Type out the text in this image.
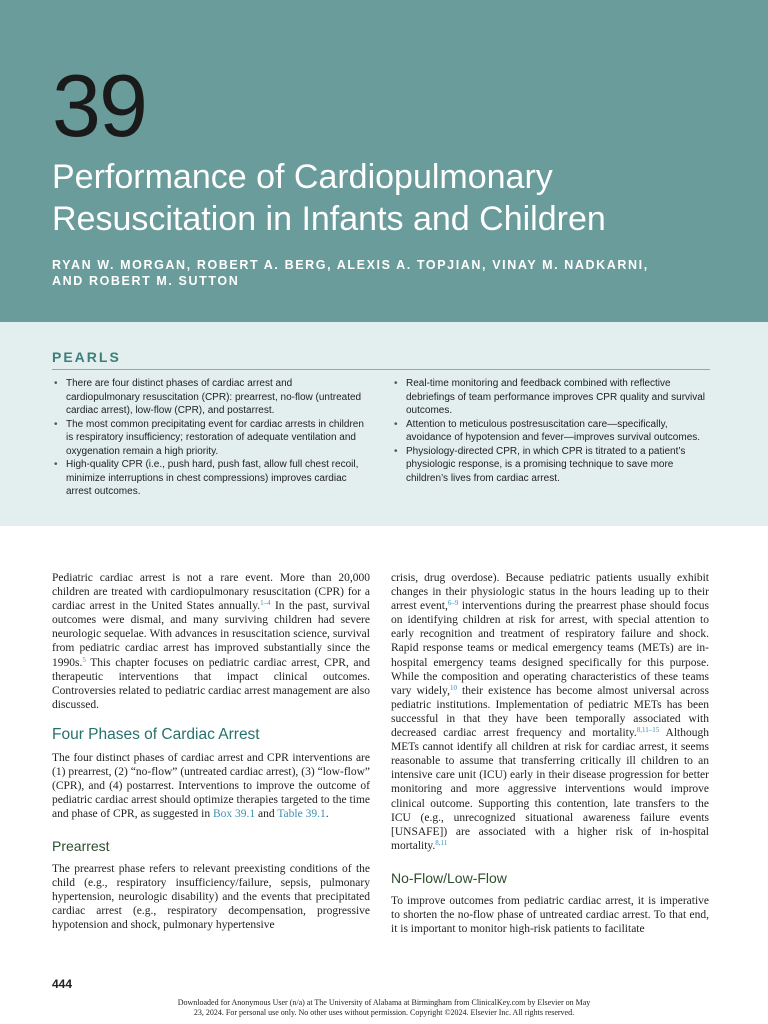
39
Performance of Cardiopulmonary
Resuscitation in Infants and Children
RYAN W. MORGAN, ROBERT A. BERG, ALEXIS A. TOPJIAN, VINAY M. NADKARNI,
AND ROBERT M. SUTTON
PEARLS
• There are four distinct phases of cardiac arrest and cardiopulmonary resuscitation (CPR): prearrest, no-flow (untreated cardiac arrest), low-flow (CPR), and postarrest.
• The most common precipitating event for cardiac arrests in children is respiratory insufficiency; restoration of adequate ventilation and oxygenation remain a high priority.
• High-quality CPR (i.e., push hard, push fast, allow full chest recoil, minimize interruptions in chest compressions) improves cardiac arrest outcomes.
• Real-time monitoring and feedback combined with reflective debriefings of team performance improves CPR quality and survival outcomes.
• Attention to meticulous postresuscitation care—specifically, avoidance of hypotension and fever—improves survival outcomes.
• Physiology-directed CPR, in which CPR is titrated to a patient’s physiologic response, is a promising technique to save more children’s lives from cardiac arrest.

Pediatric cardiac arrest is not a rare event. More than 20,000 children are treated with cardiopulmonary resuscitation (CPR) for a cardiac arrest in the United States annually.$^{1-4}$ In the past, survival outcomes were dismal, and many surviving children had severe neurologic sequelae. With advances in resuscitation science, survival from pediatric cardiac arrest has improved substantially since the 1990s.$^5$ This chapter focuses on pediatric cardiac arrest, CPR, and therapeutic interventions that impact clinical outcomes. Controversies related to pediatric cardiac arrest management are also discussed.

Four Phases of Cardiac Arrest

The four distinct phases of cardiac arrest and CPR interventions are (1) prearrest, (2) “no-flow” (untreated cardiac arrest), (3) “low-flow” (CPR), and (4) postarrest. Interventions to improve the outcome of pediatric cardiac arrest should optimize therapies targeted to the time and phase of CPR, as suggested in Box 39.1 and Table 39.1.

Prearrest

The prearrest phase refers to relevant preexisting conditions of the child (e.g., respiratory insufficiency/failure, sepsis, pulmonary hypertension, neurologic disability) and the events that precipitated cardiac arrest (e.g., respiratory decompensation, progressive hypotension and shock, pulmonary hypertensive

crisis, drug overdose). Because pediatric patients usually exhibit changes in their physiologic status in the hours leading up to their arrest event,$^{6-9}$ interventions during the prearrest phase should focus on identifying children at risk for arrest, with special attention to early recognition and treatment of respiratory failure and shock. Rapid response teams or medical emergency teams (METs) are in-hospital emergency teams designed specifically for this purpose. While the composition and operating characteristics of these teams vary widely,$^{10}$ their existence has become almost universal across pediatric institutions. Implementation of pediatric METs has been successful in that they have been temporally associated with decreased cardiac arrest frequency and mortality.$^{8,11-15}$ Although METs cannot identify all children at risk for cardiac arrest, it seems reasonable to assume that transferring critically ill children to an intensive care unit (ICU) early in their disease progression for better monitoring and more aggressive interventions would improve clinical outcome. Supporting this contention, late transfers to the ICU (e.g., unrecognized situational awareness failure events [UNSAFE]) are associated with a higher risk of in-hospital mortality.$^{8,11}$

No-Flow/Low-Flow

To improve outcomes from pediatric cardiac arrest, it is imperative to shorten the no-flow phase of untreated cardiac arrest. To that end, it is important to monitor high-risk patients to facilitate

444
Downloaded for Anonymous User (n/a) at The University of Alabama at Birmingham from ClinicalKey.com by Elsevier on May
23, 2024. For personal use only. No other uses without permission. Copyright ©2024. Elsevier Inc. All rights reserved.
